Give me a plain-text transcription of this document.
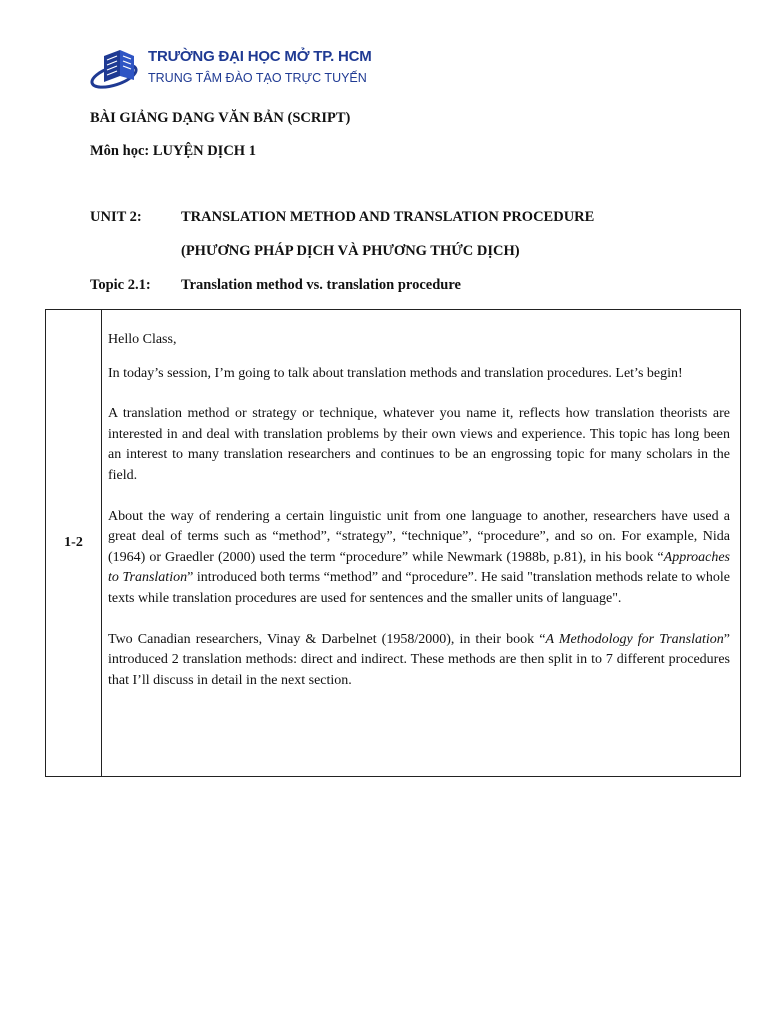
TRƯỜNG ĐẠI HỌC MỞ TP. HCM
TRUNG TÂM ĐÀO TẠO TRỰC TUYẾN
BÀI GIẢNG DẠNG VĂN BẢN (SCRIPT)
Môn học: LUYỆN DỊCH 1
UNIT 2:	TRANSLATION METHOD AND TRANSLATION PROCEDURE
(PHƯƠNG PHÁP DỊCH VÀ PHƯƠNG THỨC DỊCH)
Topic 2.1: Translation method vs. translation procedure
1-2	

Hello Class,

In today’s session, I’m going to talk about translation methods and translation procedures. Let’s begin!

A translation method or strategy or technique, whatever you name it, reflects how translation theorists are interested in and deal with translation problems by their own views and experience. This topic has long been an interest to many translation researchers and continues to be an engrossing topic for many scholars in the field.

About the way of rendering a certain linguistic unit from one language to another, researchers have used a great deal of terms such as “method”, “strategy”, “technique”, “procedure”, and so on. For example, Nida (1964) or Graedler (2000) used the term “procedure” while Newmark (1988b, p.81), in his book “Approaches to Translation” introduced both terms “method” and “procedure”. He said "translation methods relate to whole texts while translation procedures are used for sentences and the smaller units of language".

Two Canadian researchers, Vinay & Darbelnet (1958/2000), in their book “A Methodology for Translation” introduced 2 translation methods: direct and indirect. These methods are then split in to 7 different procedures that I’ll discuss in detail in the next section.
